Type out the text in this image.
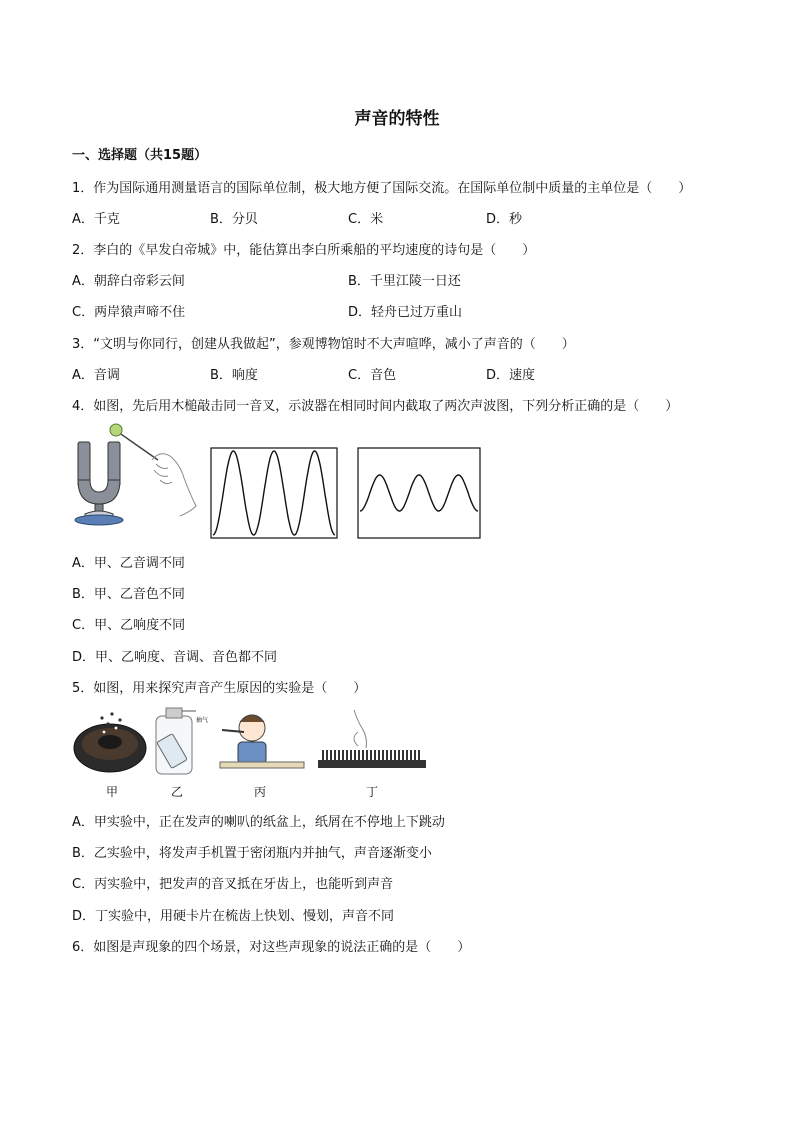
声音的特性
一、选择题（共15题）
1．作为国际通用测量语言的国际单位制，极大地方便了国际交流。在国际单位制中质量的主单位是（　　）
A．千克	B．分贝	C．米	D．秒
2．李白的《早发白帝城》中，能估算出李白所乘船的平均速度的诗句是（　　）
A．朝辞白帝彩云间	B．千里江陵一日还
C．两岸猿声啼不住	D．轻舟已过万重山
3．“文明与你同行，创建从我做起”，参观博物馆时不大声喧哗，减小了声音的（　　）
A．音调	B．响度	C．音色	D．速度
4．如图，先后用木槌敲击同一音叉，示波器在相同时间内截取了两次声波图，下列分析正确的是（　　）
A．甲、乙音调不同
B．甲、乙音色不同
C．甲、乙响度不同
D．甲、乙响度、音调、音色都不同
5．如图，用来探究声音产生原因的实验是（　　）
抽气
甲	乙	丙	丁
A．甲实验中，正在发声的喇叭的纸盆上，纸屑在不停地上下跳动
B．乙实验中，将发声手机置于密闭瓶内并抽气，声音逐渐变小
C．丙实验中，把发声的音叉抵在牙齿上，也能听到声音
D．丁实验中，用硬卡片在梳齿上快划、慢划，声音不同
6．如图是声现象的四个场景，对这些声现象的说法正确的是（　　）
